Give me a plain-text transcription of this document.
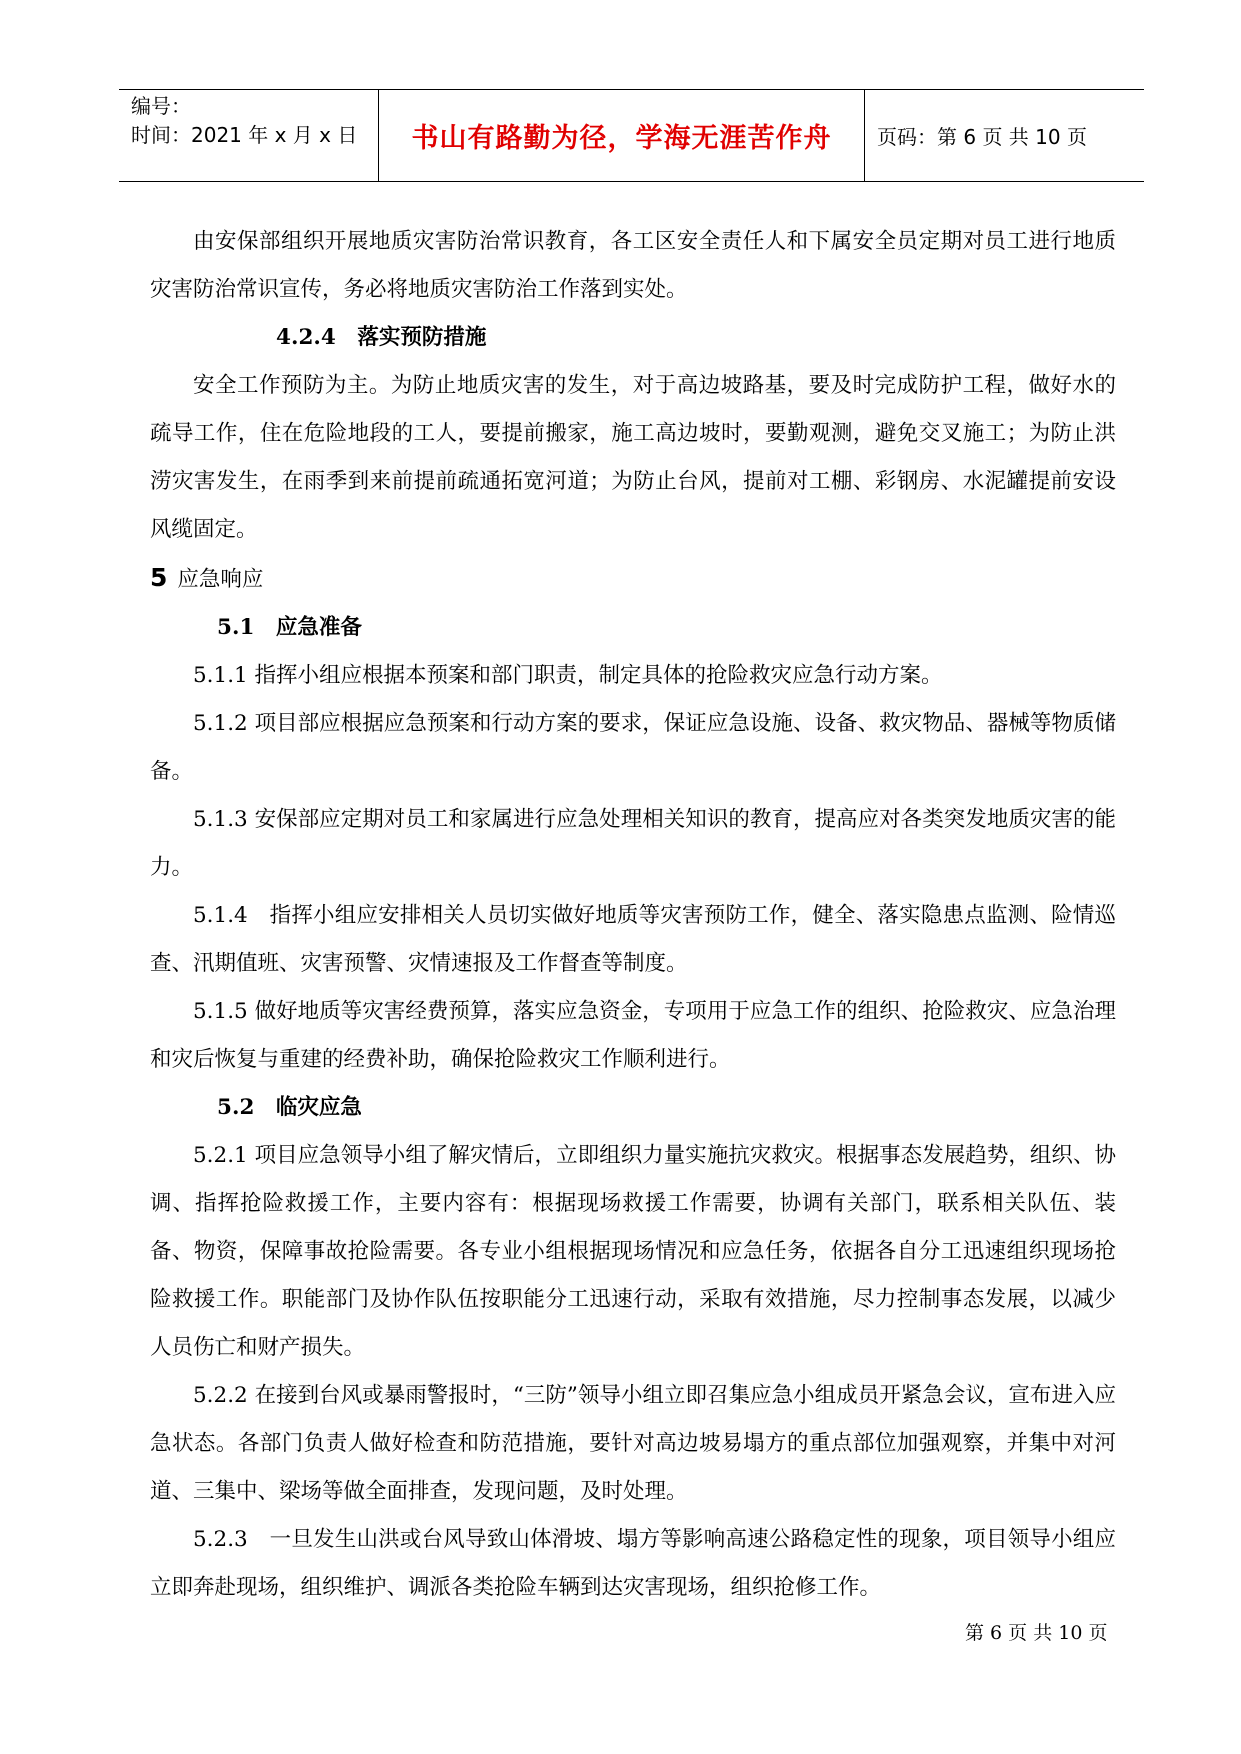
编号：
时间：2021 年 x 月 x 日	书山有路勤为径，学海无涯苦作舟	页码：第 6 页 共 10 页

由安保部组织开展地质灾害防治常识教育，各工区安全责任人和下属安全员定期对员工进行地质灾害防治常识宣传，务必将地质灾害防治工作落到实处。

4.2.4　落实预防措施

安全工作预防为主。为防止地质灾害的发生，对于高边坡路基，要及时完成防护工程，做好水的疏导工作，住在危险地段的工人，要提前搬家，施工高边坡时，要勤观测，避免交叉施工；为防止洪涝灾害发生，在雨季到来前提前疏通拓宽河道；为防止台风，提前对工棚、彩钢房、水泥罐提前安设风缆固定。

5 应急响应

5.1　应急准备

5.1.1 指挥小组应根据本预案和部门职责，制定具体的抢险救灾应急行动方案。

5.1.2 项目部应根据应急预案和行动方案的要求，保证应急设施、设备、救灾物品、器械等物质储备。

5.1.3 安保部应定期对员工和家属进行应急处理相关知识的教育，提高应对各类突发地质灾害的能力。

5.1.4　指挥小组应安排相关人员切实做好地质等灾害预防工作，健全、落实隐患点监测、险情巡查、汛期值班、灾害预警、灾情速报及工作督查等制度。

5.1.5 做好地质等灾害经费预算，落实应急资金，专项用于应急工作的组织、抢险救灾、应急治理和灾后恢复与重建的经费补助，确保抢险救灾工作顺利进行。

5.2　临灾应急

5.2.1 项目应急领导小组了解灾情后，立即组织力量实施抗灾救灾。根据事态发展趋势，组织、协调、指挥抢险救援工作，主要内容有：根据现场救援工作需要，协调有关部门，联系相关队伍、装备、物资，保障事故抢险需要。各专业小组根据现场情况和应急任务，依据各自分工迅速组织现场抢险救援工作。职能部门及协作队伍按职能分工迅速行动，采取有效措施，尽力控制事态发展，以减少人员伤亡和财产损失。

5.2.2 在接到台风或暴雨警报时，“三防”领导小组立即召集应急小组成员开紧急会议，宣布进入应急状态。各部门负责人做好检查和防范措施，要针对高边坡易塌方的重点部位加强观察，并集中对河道、三集中、梁场等做全面排查，发现问题，及时处理。

5.2.3　一旦发生山洪或台风导致山体滑坡、塌方等影响高速公路稳定性的现象，项目领导小组应立即奔赴现场，组织维护、调派各类抢险车辆到达灾害现场，组织抢修工作。

第 6 页 共 10 页
